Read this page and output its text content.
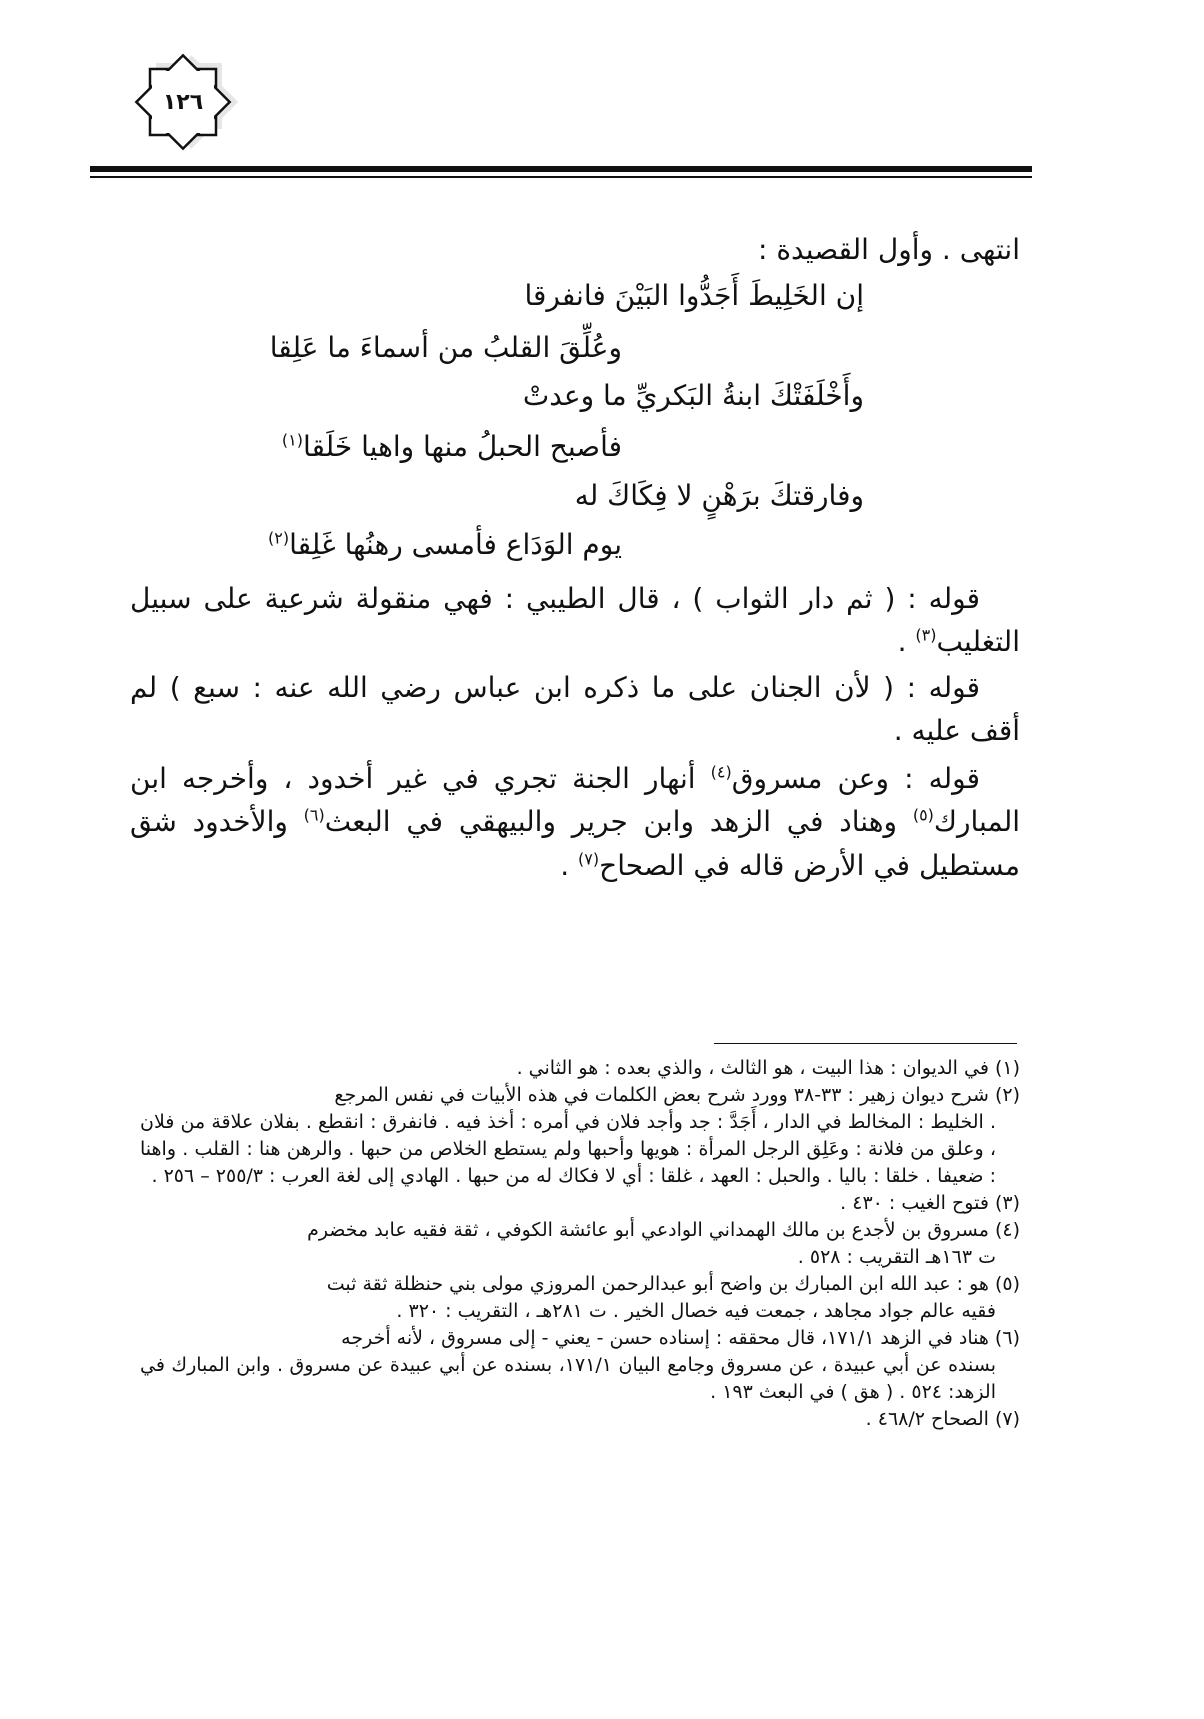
١٢٦

انتهى . وأول القصيدة :

إن الخَلِيطَ أَجَدُّوا البَيْنَ فانفرقا
وعُلِّقَ القلبُ من أسماءَ ما عَلِقا
وأَخْلَفَتْكَ ابنةُ البَكريِّ ما وعدتْ
فأصبح الحبلُ منها واهيا خَلَقا$^{(١)}$
وفارقتكَ برَهْنٍ لا فِكَاكَ له
يوم الوَدَاع فأمسى رهنُها غَلِقا$^{(٢)}$
قوله : ( ثم دار الثواب ) ، قال الطيبي : فهي منقولة شرعية على سبيل التغليب$^{(٣)}$ .
قوله : ( لأن الجنان على ما ذكره ابن عباس رضي الله عنه : سبع ) لم أقف عليه .
قوله : وعن مسروق$^{(٤)}$ أنهار الجنة تجري في غير أخدود ، وأخرجه ابن المبارك$^{(٥)}$ وهناد في الزهد وابن جرير والبيهقي في البعث$^{(٦)}$ والأخدود شق مستطيل في الأرض قاله في الصحاح$^{(٧)}$ .

(١) في الديوان : هذا البيت ، هو الثالث ، والذي بعده : هو الثاني .

(٢) شرح ديوان زهير : ٣٣-٣٨ وورد شرح بعض الكلمات في هذه الأبيات في نفس المرجع

. الخليط : المخالط في الدار ، أَجَدَّ : جد وأجد فلان في أمره : أخذ فيه . فانفرق : انقطع . بفلان علاقة من فلان ، وعلق من فلانة : وعَلِق الرجل المرأة : هويها وأحبها ولم يستطع الخلاص من حبها . والرهن هنا : القلب . واهنا : ضعيفا . خلقا : باليا . والحبل : العهد ، غلقا : أي لا فكاك له من حبها . الهادي إلى لغة العرب : ٢٥٥/٣ – ٢٥٦ .

(٣) فتوح الغيب : ٤٣٠ .

(٤) مسروق بن لأجدع بن مالك الهمداني الوادعي أبو عائشة الكوفي ، ثقة فقيه عابد مخضرم

ت ١٦٣هـ التقريب : ٥٢٨ .

(٥) هو : عبد الله ابن المبارك بن واضح أبو عبدالرحمن المروزي مولى بني حنظلة ثقة ثبت

فقيه عالم جواد مجاهد ، جمعت فيه خصال الخير . ت ٢٨١هـ ، التقريب : ٣٢٠ .

(٦) هناد في الزهد ١٧١/١، قال محققه : إسناده حسن - يعني - إلى مسروق ، لأنه أخرجه

بسنده عن أبي عبيدة ، عن مسروق وجامع البيان ١٧١/١، بسنده عن أبي عبيدة عن مسروق . وابن المبارك في الزهد: ٥٢٤ . ( هق ) في البعث ١٩٣ .

(٧) الصحاح ٤٦٨/٢ .
